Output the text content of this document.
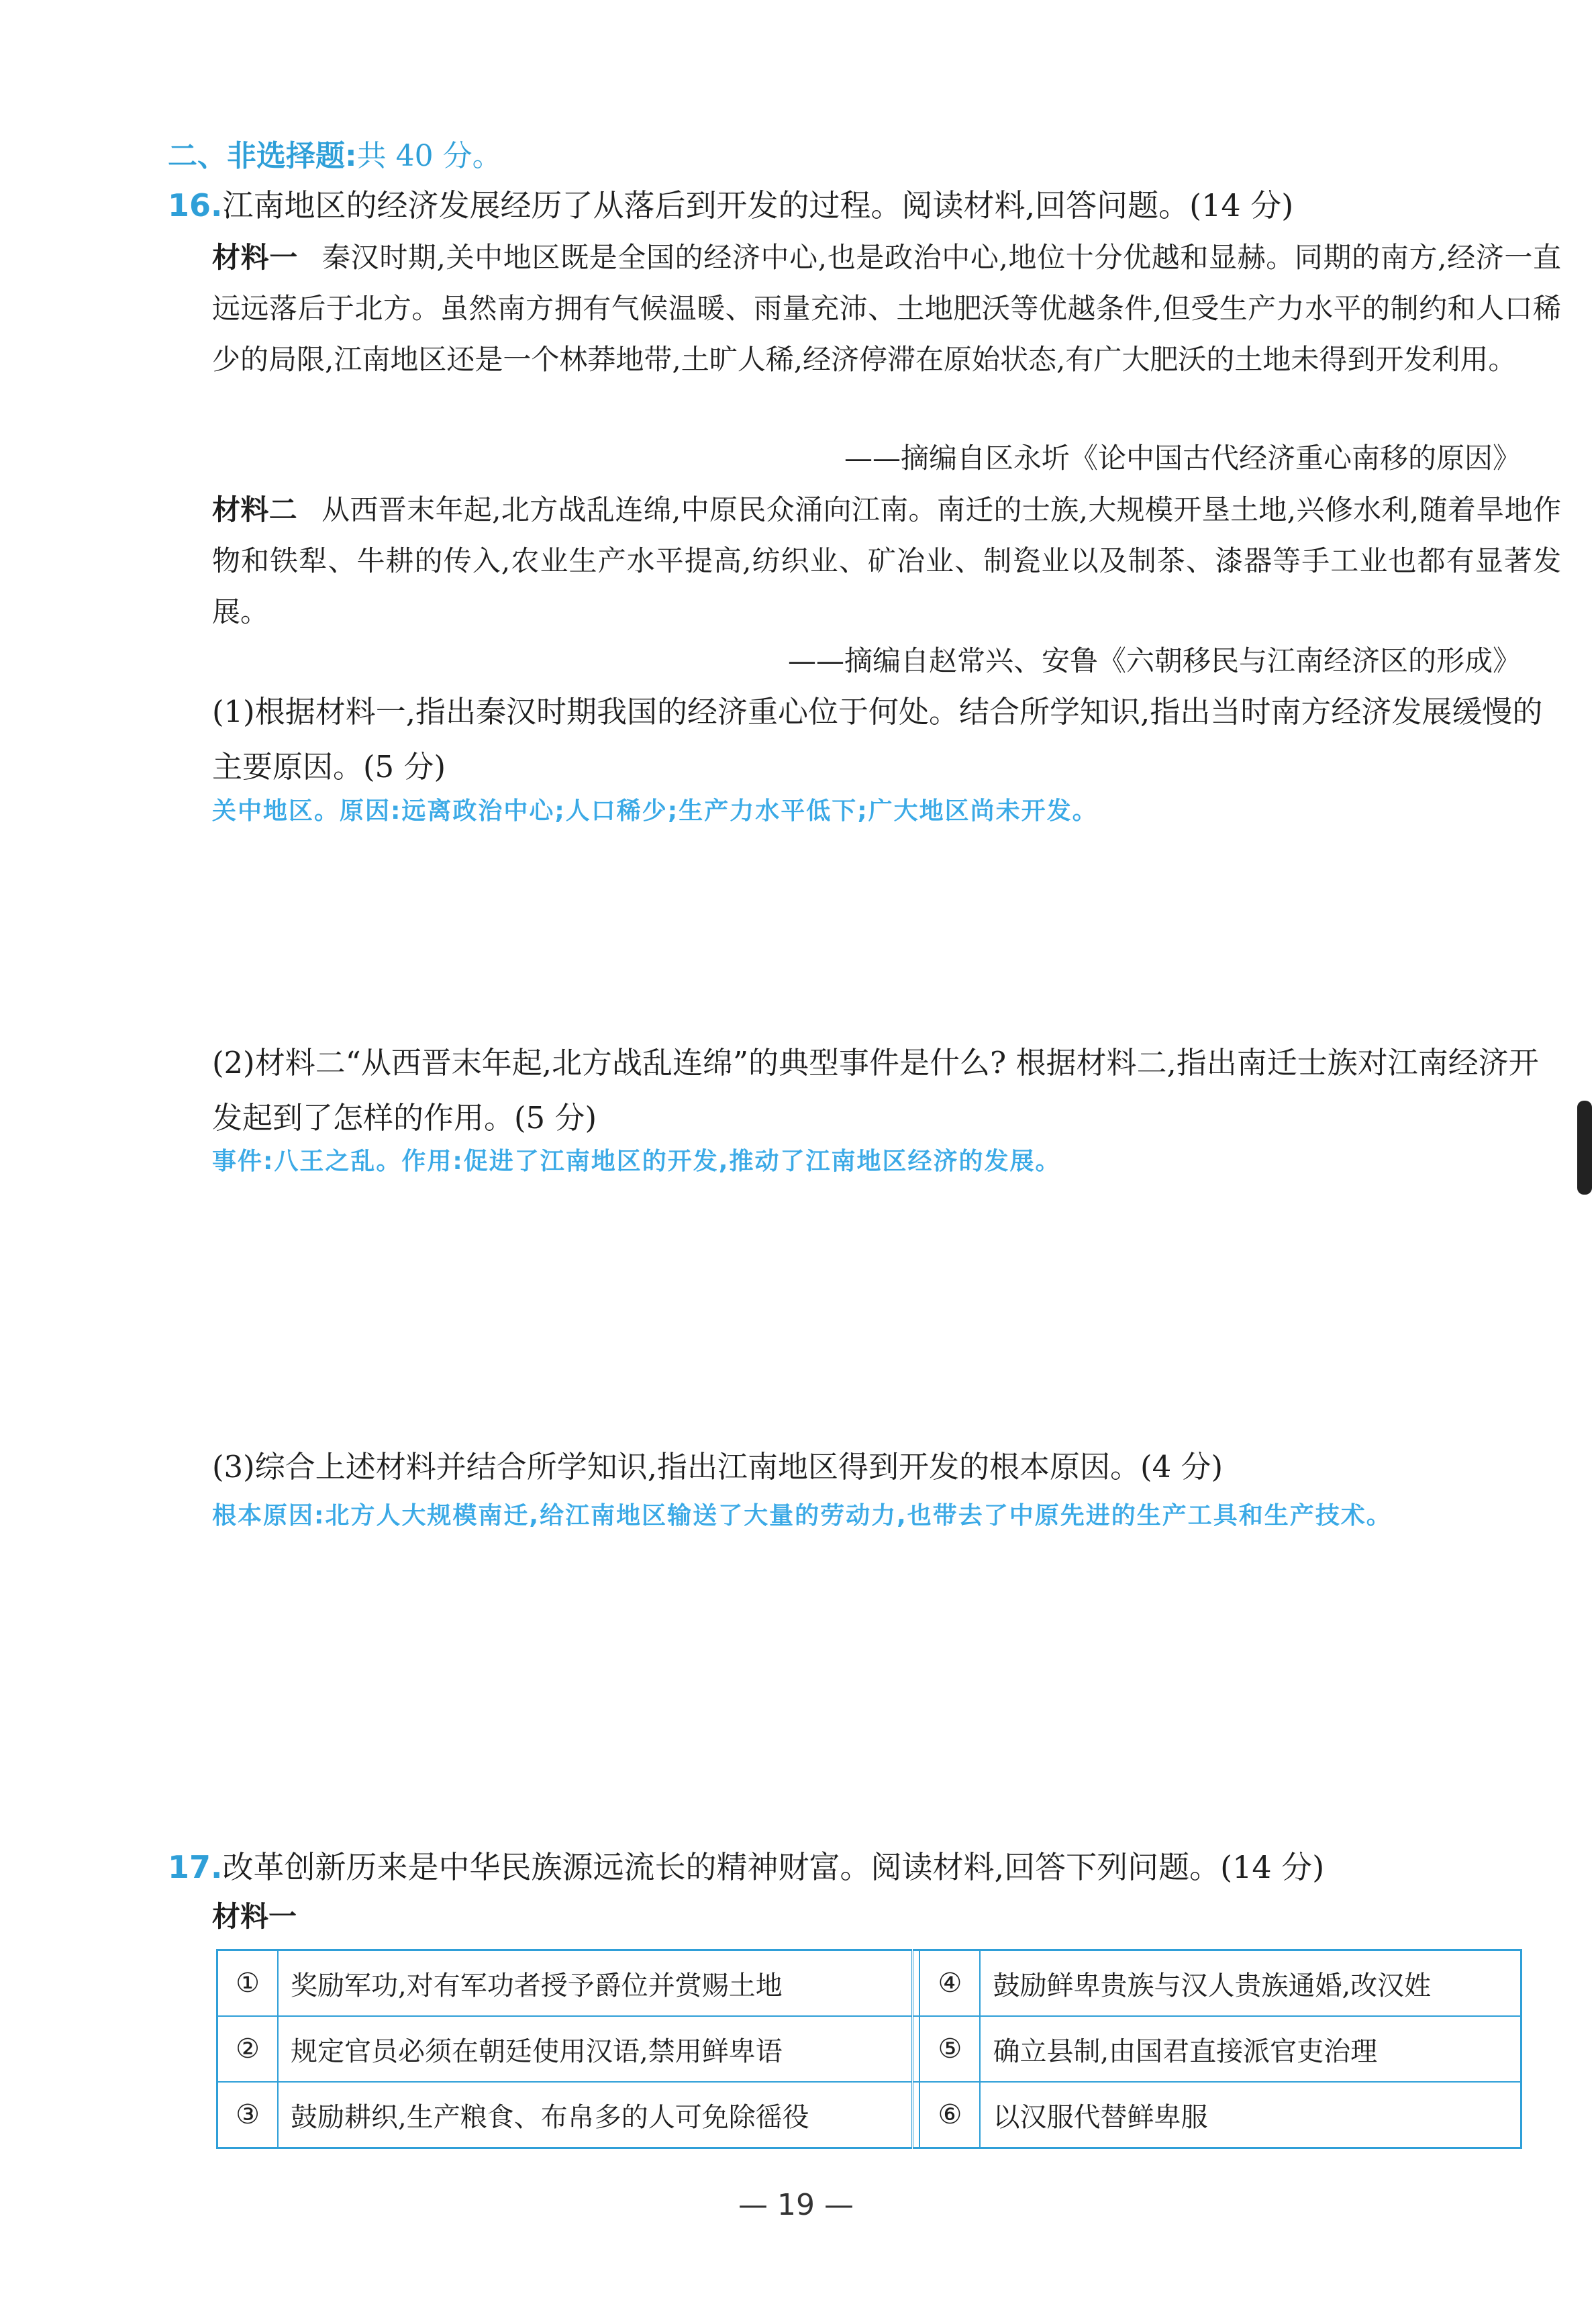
二、非选择题:共 40 分。
16.江南地区的经济发展经历了从落后到开发的过程。阅读材料,回答问题。(14 分)
材料一 秦汉时期,关中地区既是全国的经济中心,也是政治中心,地位十分优越和显赫。同期的南方,经济一直远远落后于北方。虽然南方拥有气候温暖、雨量充沛、土地肥沃等优越条件,但受生产力水平的制约和人口稀少的局限,江南地区还是一个林莽地带,土旷人稀,经济停滞在原始状态,有广大肥沃的土地未得到开发利用。
——摘编自区永圻《论中国古代经济重心南移的原因》
材料二 从西晋末年起,北方战乱连绵,中原民众涌向江南。南迁的士族,大规模开垦土地,兴修水利,随着旱地作物和铁犁、牛耕的传入,农业生产水平提高,纺织业、矿冶业、制瓷业以及制茶、漆器等手工业也都有显著发展。
——摘编自赵常兴、安鲁《六朝移民与江南经济区的形成》
(1)根据材料一,指出秦汉时期我国的经济重心位于何处。结合所学知识,指出当时南方经济发展缓慢的主要原因。(5 分)
关中地区。原因:远离政治中心;人口稀少;生产力水平低下;广大地区尚未开发。
(2)材料二“从西晋末年起,北方战乱连绵”的典型事件是什么? 根据材料二,指出南迁士族对江南经济开发起到了怎样的作用。(5 分)
事件:八王之乱。作用:促进了江南地区的开发,推动了江南地区经济的发展。
(3)综合上述材料并结合所学知识,指出江南地区得到开发的根本原因。(4 分)
根本原因:北方人大规模南迁,给江南地区输送了大量的劳动力,也带去了中原先进的生产工具和生产技术。
17.改革创新历来是中华民族源远流长的精神财富。阅读材料,回答下列问题。(14 分)
材料一
①	奖励军功,对有军功者授予爵位并赏赐土地		④	鼓励鲜卑贵族与汉人贵族通婚,改汉姓
②	规定官员必须在朝廷使用汉语,禁用鲜卑语		⑤	确立县制,由国君直接派官吏治理
③	鼓励耕织,生产粮食、布帛多的人可免除徭役		⑥	以汉服代替鲜卑服
— 19 —
